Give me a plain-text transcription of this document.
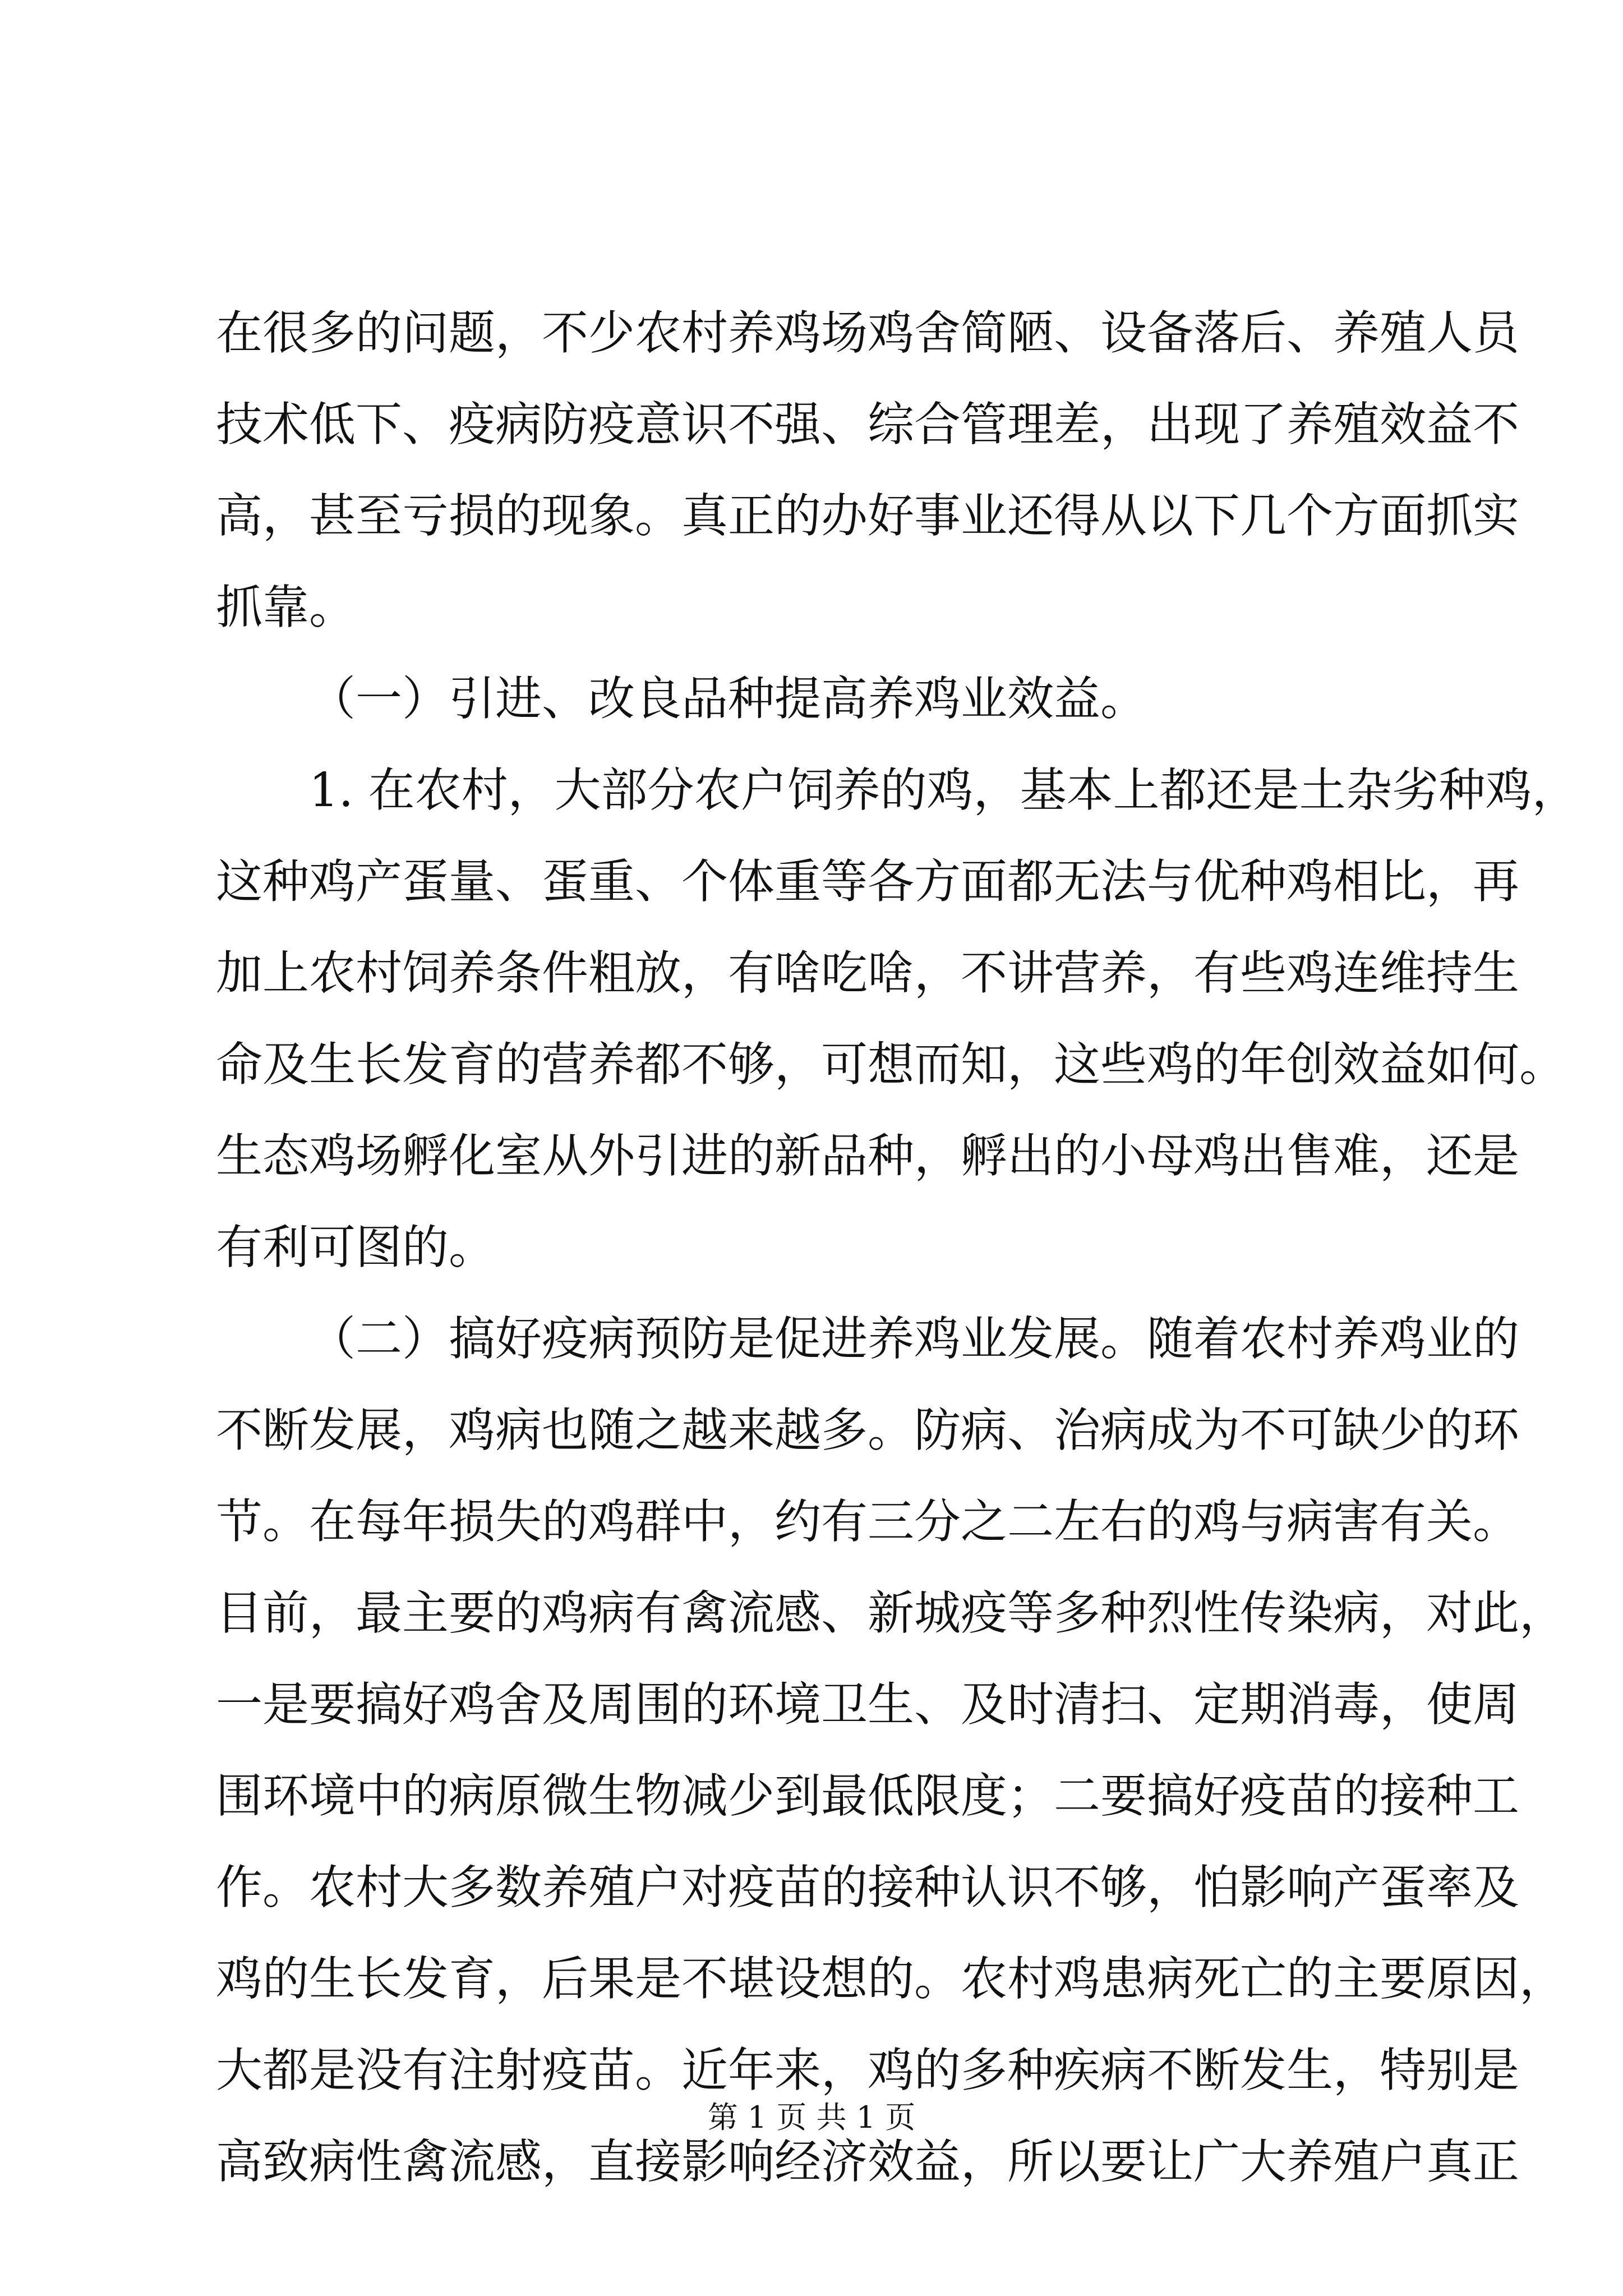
在很多的问题，不少农村养鸡场鸡舍简陋、设备落后、养殖人员
技术低下、疫病防疫意识不强、综合管理差，出现了养殖效益不
高，甚至亏损的现象。真正的办好事业还得从以下几个方面抓实
抓靠。
（一）引进、改良品种提高养鸡业效益。
1. 在农村，大部分农户饲养的鸡，基本上都还是土杂劣种鸡，
这种鸡产蛋量、蛋重、个体重等各方面都无法与优种鸡相比，再
加上农村饲养条件粗放，有啥吃啥，不讲营养，有些鸡连维持生
命及生长发育的营养都不够，可想而知，这些鸡的年创效益如何。
生态鸡场孵化室从外引进的新品种，孵出的小母鸡出售难，还是
有利可图的。
（二）搞好疫病预防是促进养鸡业发展。随着农村养鸡业的
不断发展，鸡病也随之越来越多。防病、治病成为不可缺少的环
节。在每年损失的鸡群中，约有三分之二左右的鸡与病害有关。
目前，最主要的鸡病有禽流感、新城疫等多种烈性传染病，对此，
一是要搞好鸡舍及周围的环境卫生、及时清扫、定期消毒，使周
围环境中的病原微生物减少到最低限度；二要搞好疫苗的接种工
作。农村大多数养殖户对疫苗的接种认识不够，怕影响产蛋率及
鸡的生长发育，后果是不堪设想的。农村鸡患病死亡的主要原因，
大都是没有注射疫苗。近年来，鸡的多种疾病不断发生，特别是
高致病性禽流感，直接影响经济效益，所以要让广大养殖户真正
第 1 页 共 1 页
